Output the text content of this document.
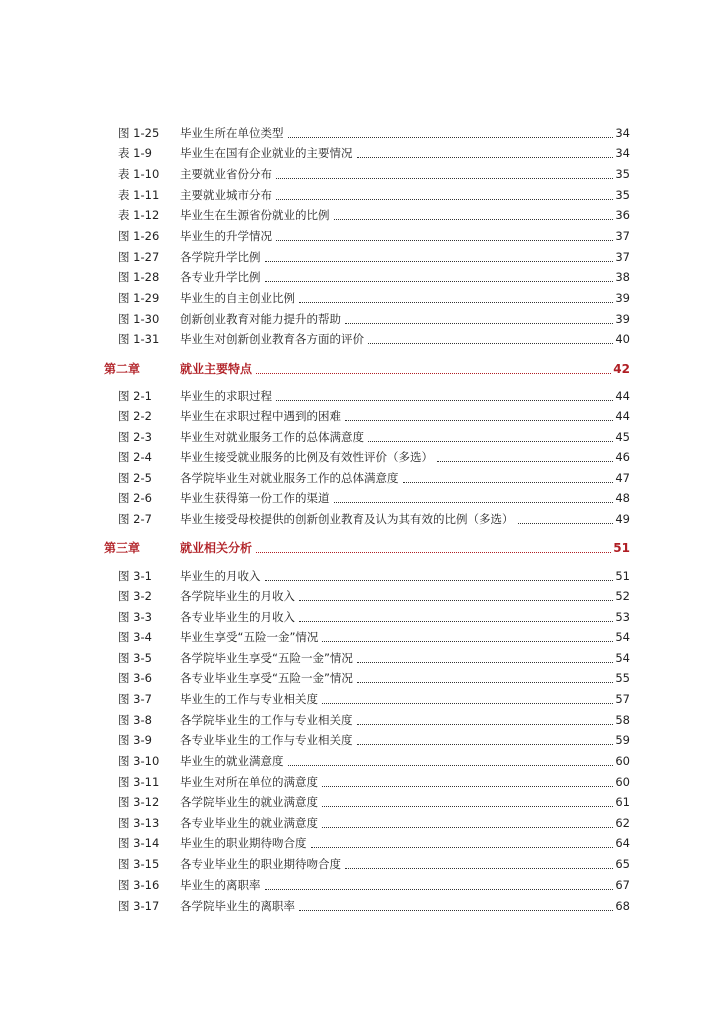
图 1-25 毕业生所在单位类型	34
表 1-9 毕业生在国有企业就业的主要情况	34
表 1-10 主要就业省份分布	35
表 1-11 主要就业城市分布	35
表 1-12 毕业生在生源省份就业的比例	36
图 1-26 毕业生的升学情况	37
图 1-27 各学院升学比例	37
图 1-28 各专业升学比例	38
图 1-29 毕业生的自主创业比例	39
图 1-30 创新创业教育对能力提升的帮助	39
图 1-31 毕业生对创新创业教育各方面的评价	40
第二章	就业主要特点	42
图 2-1 毕业生的求职过程	44
图 2-2 毕业生在求职过程中遇到的困难	44
图 2-3 毕业生对就业服务工作的总体满意度	45
图 2-4 毕业生接受就业服务的比例及有效性评价（多选）	46
图 2-5 各学院毕业生对就业服务工作的总体满意度	47
图 2-6 毕业生获得第一份工作的渠道	48
图 2-7 毕业生接受母校提供的创新创业教育及认为其有效的比例（多选）	49
第三章	就业相关分析	51
图 3-1 毕业生的月收入	51
图 3-2 各学院毕业生的月收入	52
图 3-3 各专业毕业生的月收入	53
图 3-4 毕业生享受“五险一金”情况	54
图 3-5 各学院毕业生享受“五险一金”情况	54
图 3-6 各专业毕业生享受“五险一金”情况	55
图 3-7 毕业生的工作与专业相关度	57
图 3-8 各学院毕业生的工作与专业相关度	58
图 3-9 各专业毕业生的工作与专业相关度	59
图 3-10 毕业生的就业满意度	60
图 3-11 毕业生对所在单位的满意度	60
图 3-12 各学院毕业生的就业满意度	61
图 3-13 各专业毕业生的就业满意度	62
图 3-14 毕业生的职业期待吻合度	64
图 3-15 各专业毕业生的职业期待吻合度	65
图 3-16 毕业生的离职率	67
图 3-17 各学院毕业生的离职率	68
